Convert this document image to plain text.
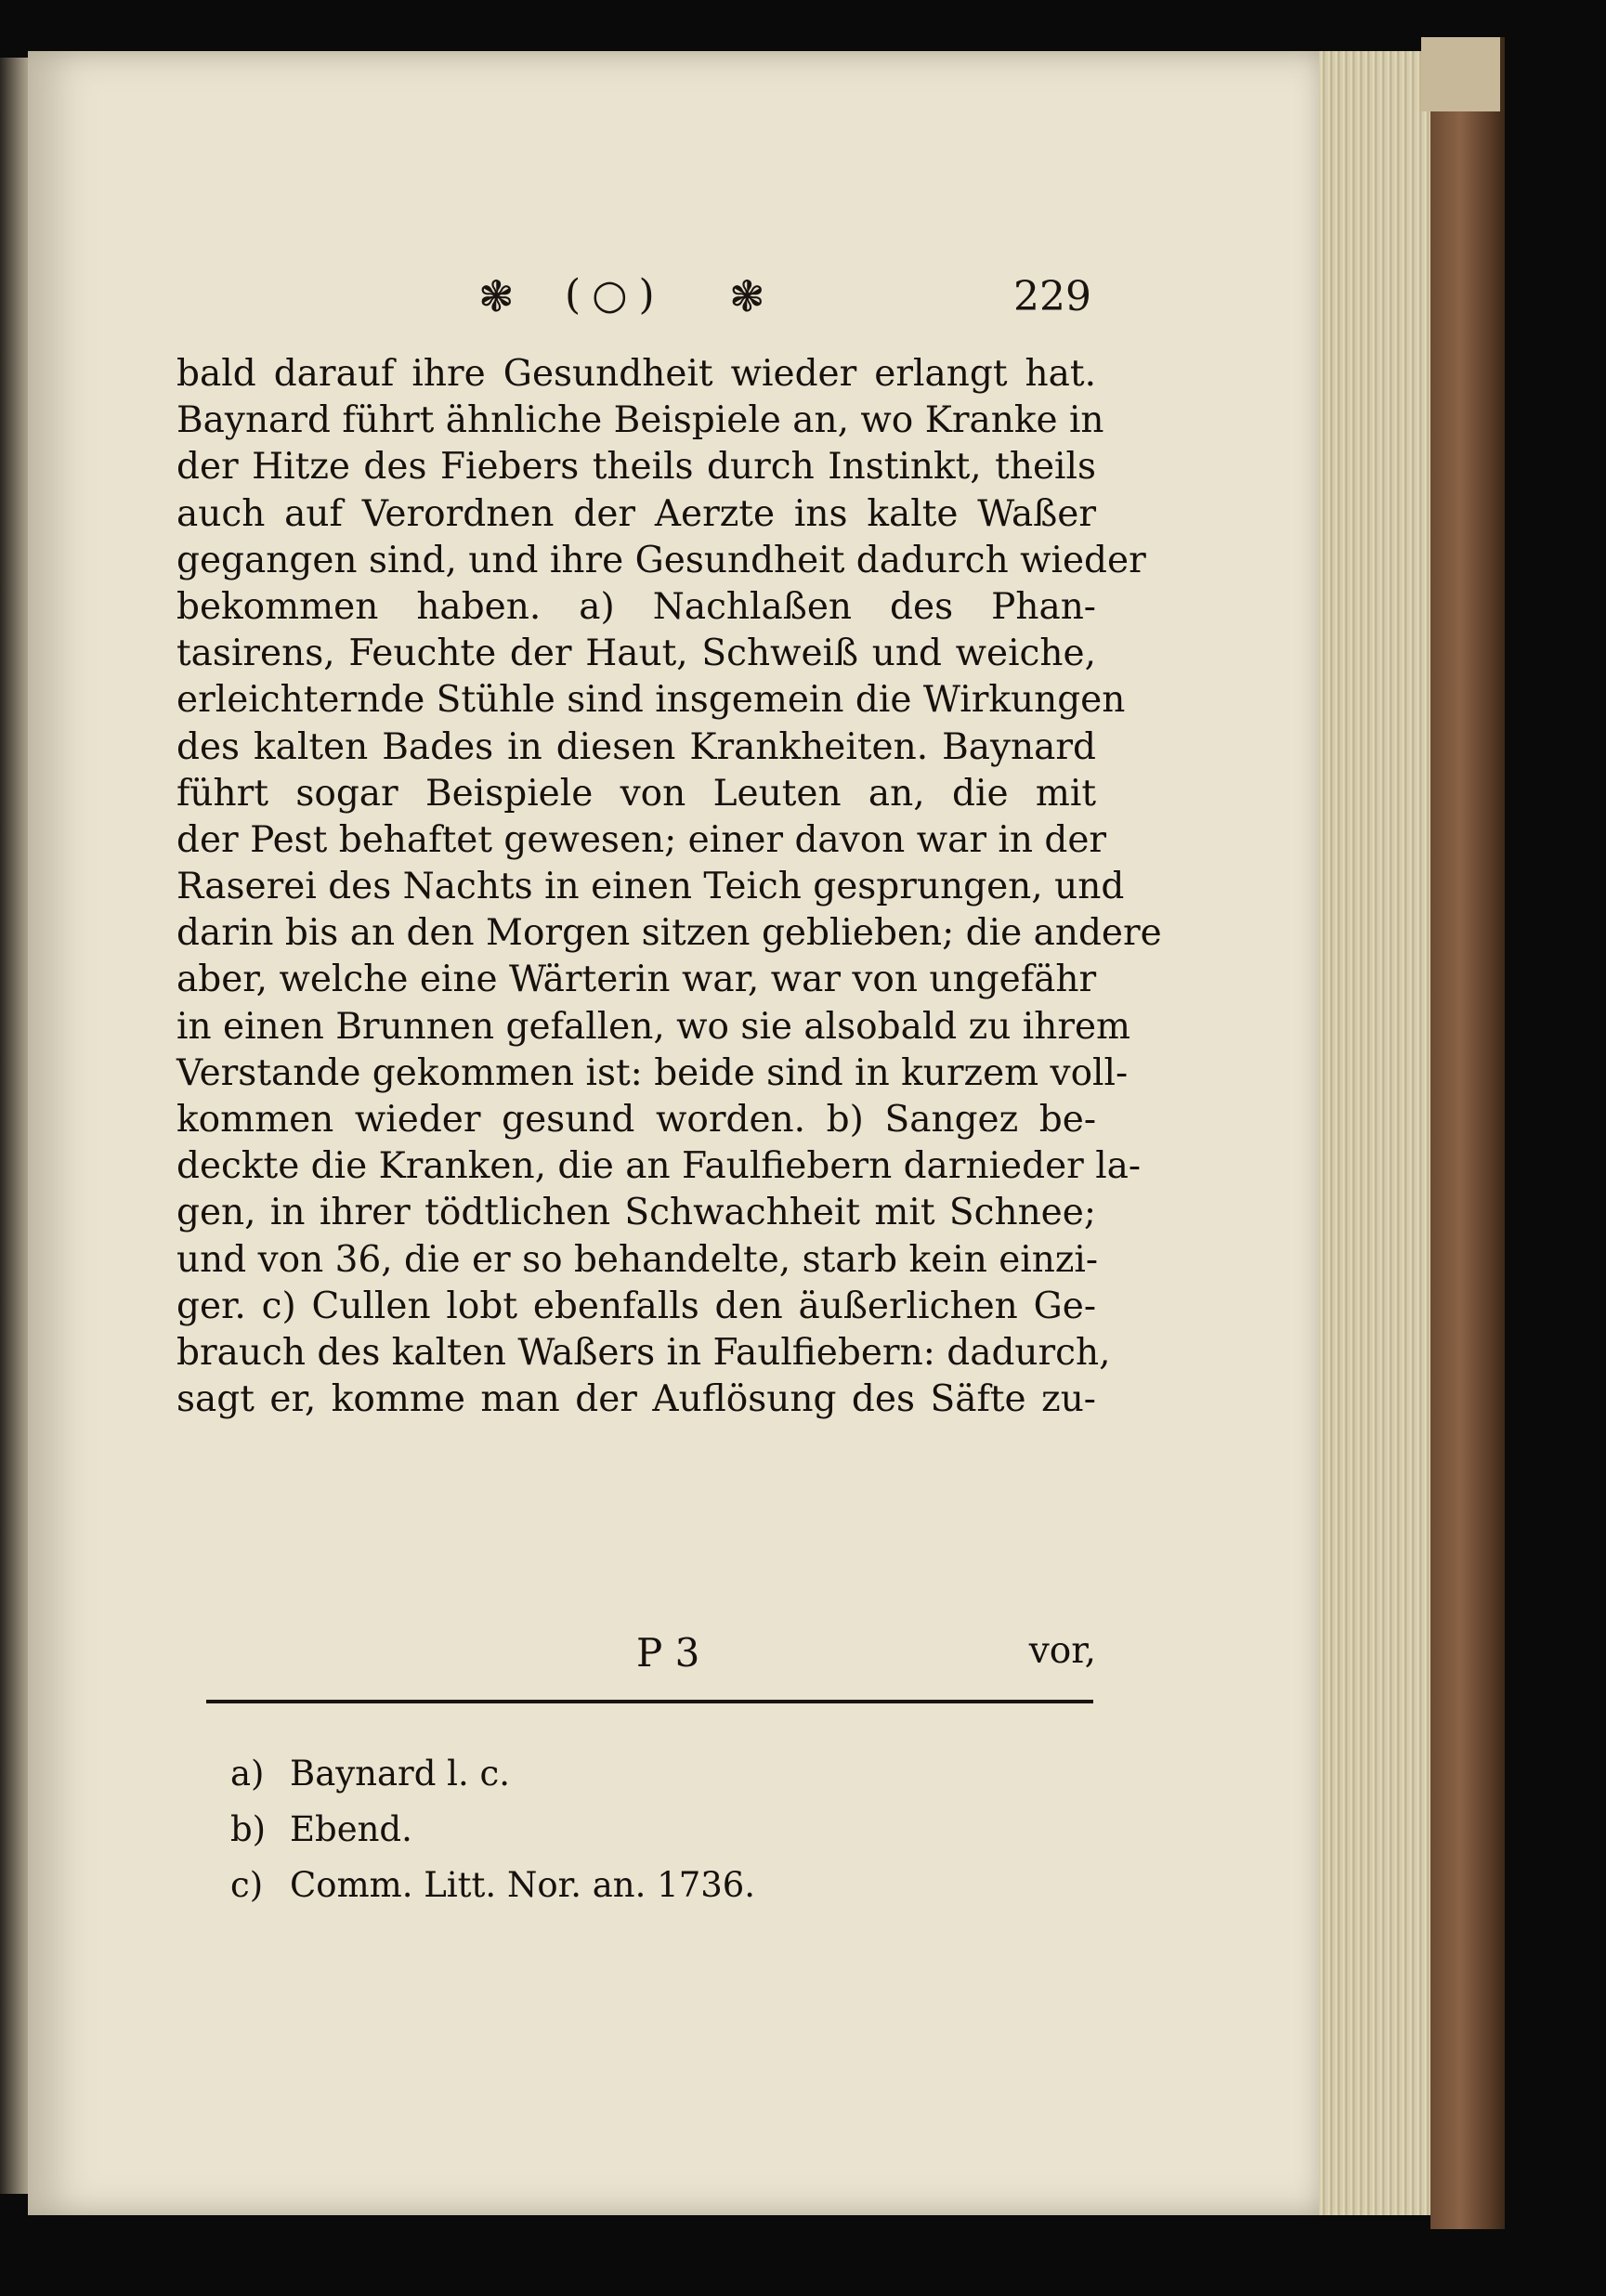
❃ (○) ❃	229
bald darauf ihre Gesundheit wieder erlangt hat.
Baynard führt ähnliche Beispiele an, wo Kranke in
der Hitze des Fiebers theils durch Instinkt, theils
auch auf Verordnen der Aerzte ins kalte Waßer
gegangen sind, und ihre Gesundheit dadurch wieder
bekommen haben. a) Nachlaßen des Phan-
tasirens, Feuchte der Haut, Schweiß und weiche,
erleichternde Stühle sind insgemein die Wirkungen
des kalten Bades in diesen Krankheiten. Baynard
führt sogar Beispiele von Leuten an, die mit
der Pest behaftet gewesen; einer davon war in der
Raserei des Nachts in einen Teich gesprungen, und
darin bis an den Morgen sitzen geblieben; die andere
aber, welche eine Wärterin war, war von ungefähr
in einen Brunnen gefallen, wo sie alsobald zu ihrem
Verstande gekommen ist: beide sind in kurzem voll-
kommen wieder gesund worden. b) Sangez be-
deckte die Kranken, die an Faulfiebern darnieder la-
gen, in ihrer tödtlichen Schwachheit mit Schnee;
und von 36, die er so behandelte, starb kein einzi-
ger. c) Cullen lobt ebenfalls den äußerlichen Ge-
brauch des kalten Waßers in Faulfiebern: dadurch,
sagt er, komme man der Auflösung des Säfte zu-
P 3	vor,
a) Baynard l. c.
b) Ebend.
c) Comm. Litt. Nor. an. 1736.
